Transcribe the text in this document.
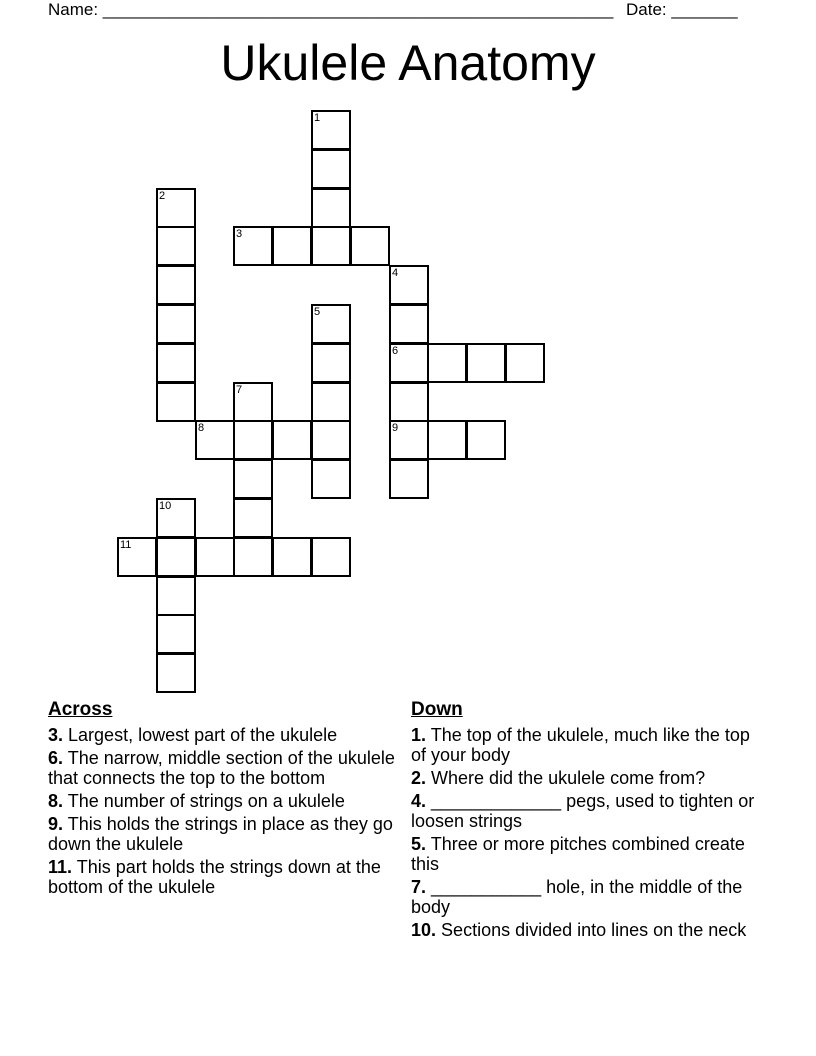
Name: ______________________________________________________ Date: _______
Ukulele Anatomy
1
2
3
4
6
9
5
7
8
10
11
Across
3. Largest, lowest part of the ukulele
6. The narrow, middle section of the ukulele that connects the top to the bottom
8. The number of strings on a ukulele
9. This holds the strings in place as they go down the ukulele
11. This part holds the strings down at the bottom of the ukulele
Down
1. The top of the ukulele, much like the top of your body
2. Where did the ukulele come from?
4. _____________ pegs, used to tighten or loosen strings
5. Three or more pitches combined create this
7. ___________ hole, in the middle of the body
10. Sections divided into lines on the neck
